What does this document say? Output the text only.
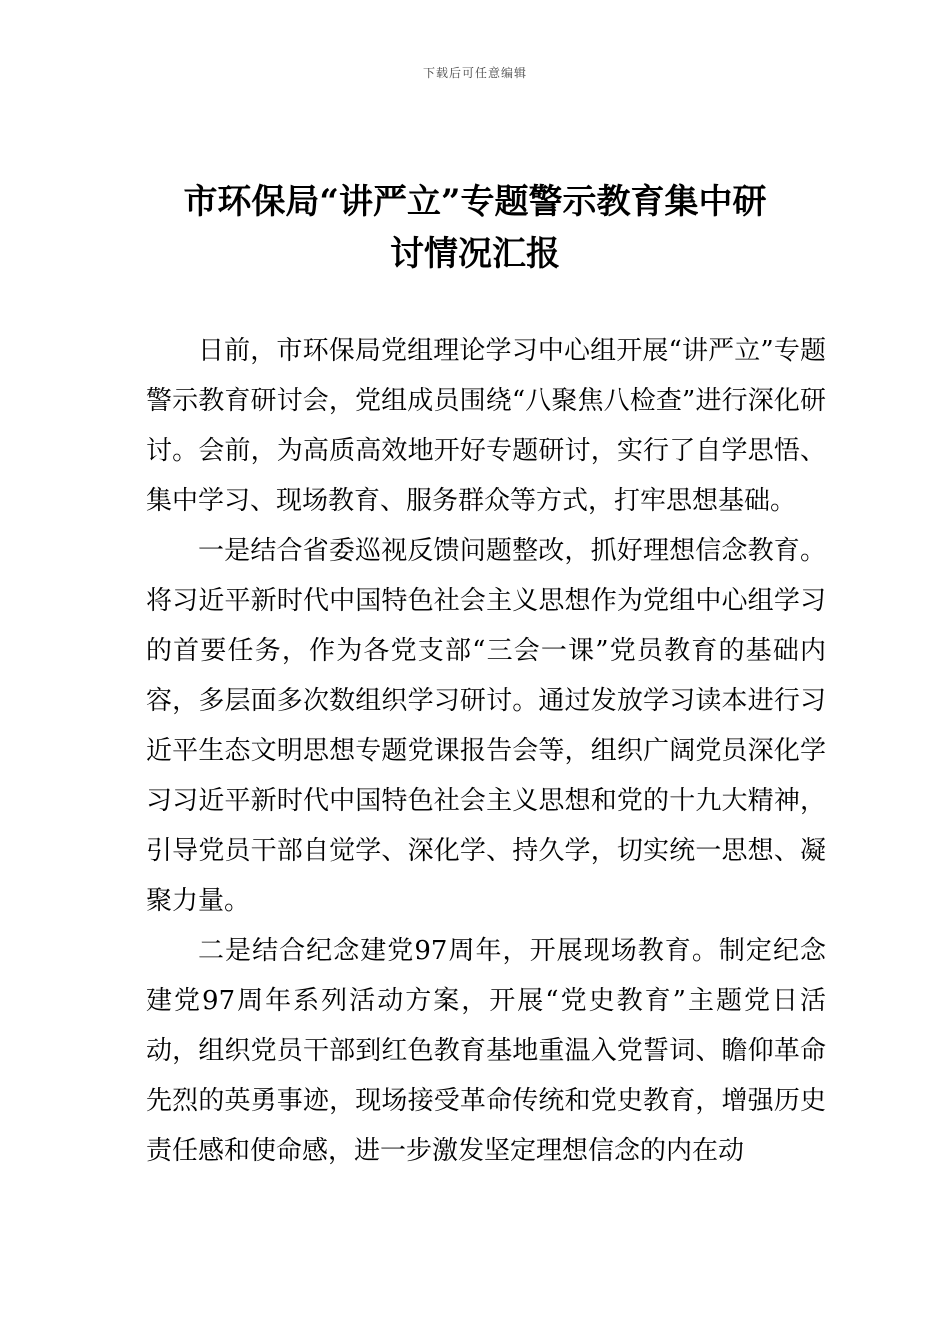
下载后可任意编辑
市环保局“讲严立”专题警示教育集中研
讨情况汇报

日前，市环保局党组理论学习中心组开展“讲严立”专题警示教育研讨会，党组成员围绕“八聚焦八检查”进行深化研讨。会前，为高质高效地开好专题研讨，实行了自学思悟、集中学习、现场教育、服务群众等方式，打牢思想基础。

一是结合省委巡视反馈问题整改，抓好理想信念教育。将习近平新时代中国特色社会主义思想作为党组中心组学习的首要任务，作为各党支部“三会一课”党员教育的基础内容，多层面多次数组织学习研讨。通过发放学习读本进行习近平生态文明思想专题党课报告会等，组织广阔党员深化学习习近平新时代中国特色社会主义思想和党的十九大精神，引导党员干部自觉学、深化学、持久学，切实统一思想、凝聚力量。

二是结合纪念建党97周年，开展现场教育。制定纪念建党97周年系列活动方案，开展“党史教育”主题党日活动，组织党员干部到红色教育基地重温入党誓词、瞻仰革命先烈的英勇事迹，现场接受革命传统和党史教育，增强历史责任感和使命感，进一步激发坚定理想信念的内在动
